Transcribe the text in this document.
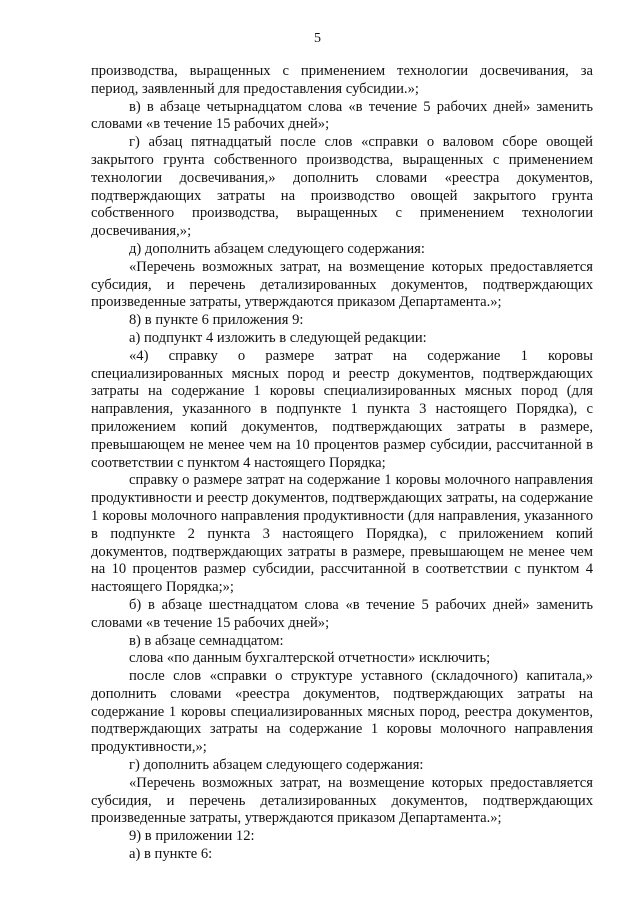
5

производства, выращенных с применением технологии досвечивания, за период, заявленный для предоставления субсидии.»;

в) в абзаце четырнадцатом слова «в течение 5 рабочих дней» заменить словами «в течение 15 рабочих дней»;

г) абзац пятнадцатый после слов «справки о валовом сборе овощей закрытого грунта собственного производства, выращенных с применением технологии досвечивания,» дополнить словами «реестра документов, подтверждающих затраты на производство овощей закрытого грунта собственного производства, выращенных с применением технологии досвечивания,»;

д) дополнить абзацем следующего содержания:

«Перечень возможных затрат, на возмещение которых предоставляется субсидия, и перечень детализированных документов, подтверждающих произведенные затраты, утверждаются приказом Департамента.»;

8) в пункте 6 приложения 9:

а) подпункт 4 изложить в следующей редакции:

«4) справку о размере затрат на содержание 1 коровы специализированных мясных пород и реестр документов, подтверждающих затраты на содержание 1 коровы специализированных мясных пород (для направления, указанного в подпункте 1 пункта 3 настоящего Порядка), с приложением копий документов, подтверждающих затраты в размере, превышающем не менее чем на 10 процентов размер субсидии, рассчитанной в соответствии с пунктом 4 настоящего Порядка;

справку о размере затрат на содержание 1 коровы молочного направления продуктивности и реестр документов, подтверждающих затраты, на содержание 1 коровы молочного направления продуктивности (для направления, указанного в подпункте 2 пункта 3 настоящего Порядка), с приложением копий документов, подтверждающих затраты в размере, превышающем не менее чем на 10 процентов размер субсидии, рассчитанной в соответствии с пунктом 4 настоящего Порядка;»;

б) в абзаце шестнадцатом слова «в течение 5 рабочих дней» заменить словами «в течение 15 рабочих дней»;

в) в абзаце семнадцатом:

слова «по данным бухгалтерской отчетности» исключить;

после слов «справки о структуре уставного (складочного) капитала,» дополнить словами «реестра документов, подтверждающих затраты на содержание 1 коровы специализированных мясных пород, реестра документов, подтверждающих затраты на содержание 1 коровы молочного направления продуктивности,»;

г) дополнить абзацем следующего содержания:

«Перечень возможных затрат, на возмещение которых предоставляется субсидия, и перечень детализированных документов, подтверждающих произведенные затраты, утверждаются приказом Департамента.»;

9) в приложении 12:

а) в пункте 6:
